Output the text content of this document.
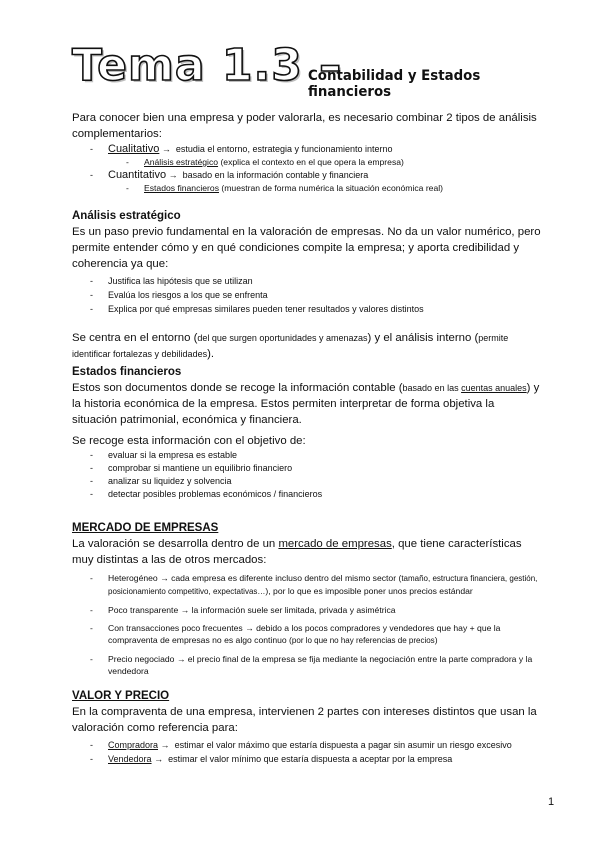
Tema 1.3 –
Contabilidad y Estados financieros

Para conocer bien una empresa y poder valorarla, es necesario combinar 2 tipos de análisis complementarios:

- Cualitativo → estudia el entorno, estrategia y funcionamiento interno
- Análisis estratégico (explica el contexto en el que opera la empresa)
- Cuantitativo → basado en la información contable y financiera
- Estados financieros (muestran de forma numérica la situación económica real)

Análisis estratégico

Es un paso previo fundamental en la valoración de empresas. No da un valor numérico, pero permite entender cómo y en qué condiciones compite la empresa; y aporta credibilidad y coherencia ya que:

- Justifica las hipótesis que se utilizan
- Evalúa los riesgos a los que se enfrenta
- Explica por qué empresas similares pueden tener resultados y valores distintos

Se centra en el entorno (del que surgen oportunidades y amenazas) y el análisis interno (permite identificar fortalezas y debilidades).

Estados financieros

Estos son documentos donde se recoge la información contable (basado en las cuentas anuales) y la historia económica de la empresa. Estos permiten interpretar de forma objetiva la situación patrimonial, económica y financiera.

Se recoge esta información con el objetivo de:

- evaluar si la empresa es estable
- comprobar si mantiene un equilibrio financiero
- analizar su liquidez y solvencia
- detectar posibles problemas económicos / financieros

MERCADO DE EMPRESAS

La valoración se desarrolla dentro de un mercado de empresas, que tiene características muy distintas a las de otros mercados:

- Heterogéneo → cada empresa es diferente incluso dentro del mismo sector (tamaño, estructura financiera, gestión, posicionamiento competitivo, expectativas…), por lo que es imposible poner unos precios estándar
- Poco transparente → la información suele ser limitada, privada y asimétrica
- Con transacciones poco frecuentes → debido a los pocos compradores y vendedores que hay + que la compraventa de empresas no es algo continuo (por lo que no hay referencias de precios)
- Precio negociado → el precio final de la empresa se fija mediante la negociación entre la parte compradora y la vendedora

VALOR Y PRECIO

En la compraventa de una empresa, intervienen 2 partes con intereses distintos que usan la valoración como referencia para:

- Compradora → estimar el valor máximo que estaría dispuesta a pagar sin asumir un riesgo excesivo
- Vendedora → estimar el valor mínimo que estaría dispuesta a aceptar por la empresa
1
